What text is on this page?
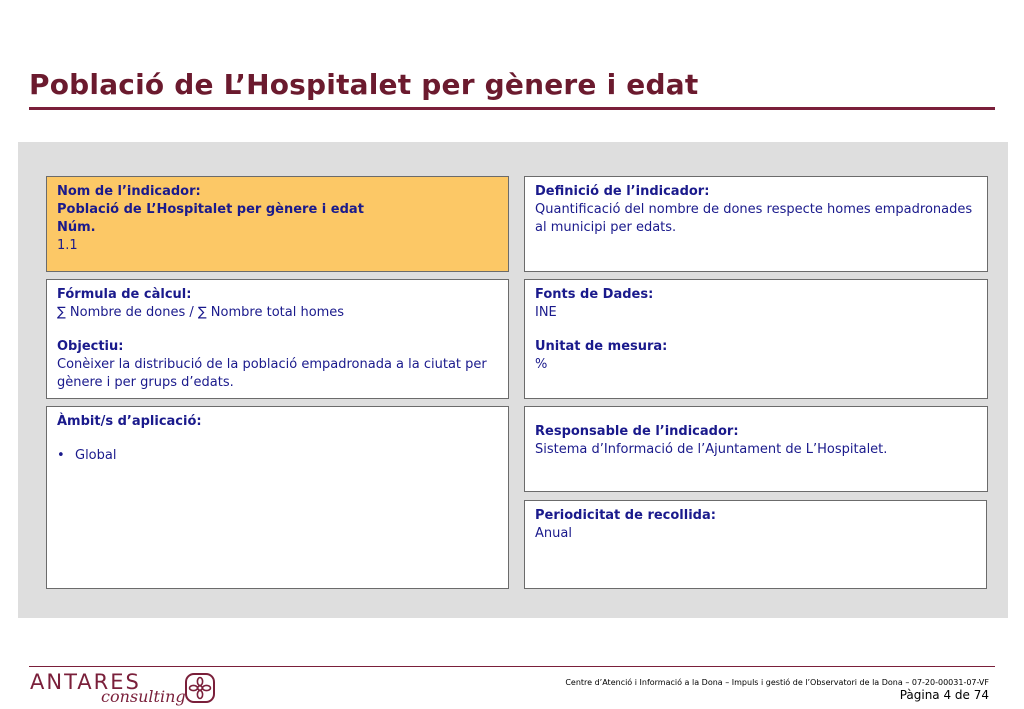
Població de L’Hospitalet per gènere i edat
Nom de l’indicador:
Població de L’Hospitalet per gènere i edat
Núm.
1.1
Definició de l’indicador:
Quantificació del nombre de dones respecte homes empadronades al municipi per edats.
Fórmula de càlcul:
∑ Nombre de dones / ∑ Nombre total homes
Objectiu:
Conèixer la distribució de la població empadronada a la ciutat per gènere i per grups d’edats.
Fonts de Dades:
INE
Unitat de mesura:
%
Àmbit/s d’aplicació:
• Global
Responsable de l’indicador:
Sistema d’Informació de l’Ajuntament de L’Hospitalet.
Periodicitat de recollida:
Anual
ANTARES
consulting
Centre d’Atenció i Informació a la Dona – Impuls i gestió de l’Observatori de la Dona – 07-20-00031-07-VF
Pàgina 4 de 74
